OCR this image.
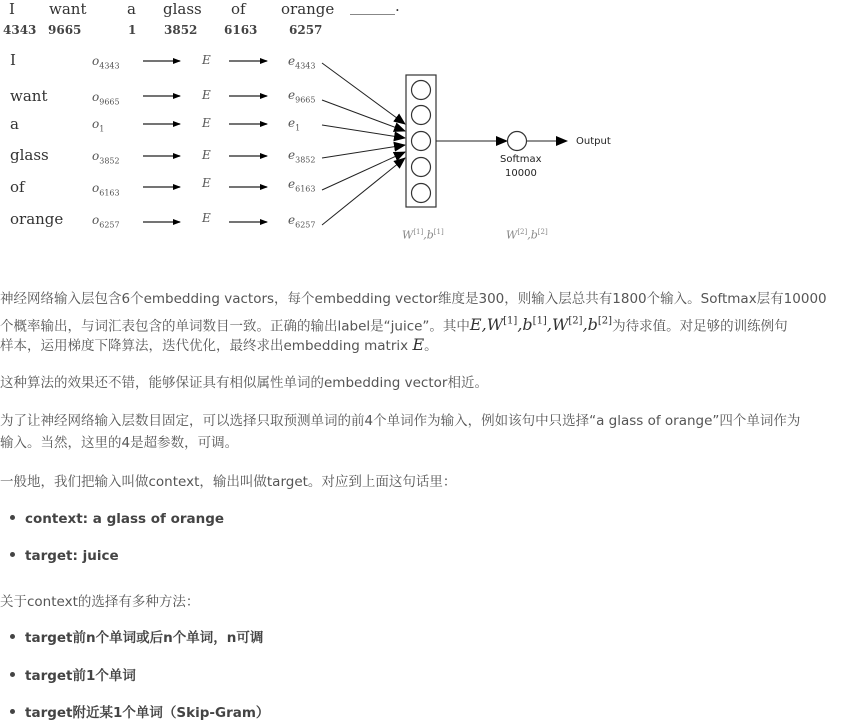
I want	a glass of orange ______.
4343 9665	1 3852 6163	6257
I
want
a
glass
of
orange
$o_{4343}$
$o_{9665}$
$o_1$
$o_{3852}$
$o_{6163}$
$o_{6257}$
E
E
E
E
E
E
$e_{4343}$
$e_{9665}$
$e_1$
$e_{3852}$
$e_{6163}$
$e_{6257}$
Softmax
10000
Output
W[1],b[1]	W[2],b[2]

神经网络输入层包含6个embedding vactors，每个embedding vector维度是300，则输入层总共有1800个输入。Softmax层有10000

个概率输出，与词汇表包含的单词数目一致。正确的输出label是“juice”。其中E,W[1],b[1],W[2],b[2]为待求值。对足够的训练例句

样本，运用梯度下降算法，迭代优化，最终求出embedding matrix E。

这种算法的效果还不错，能够保证具有相似属性单词的embedding vector相近。

为了让神经网络输入层数目固定，可以选择只取预测单词的前4个单词作为输入，例如该句中只选择“a glass of orange”四个单词作为

输入。当然，这里的4是超参数，可调。

一般地，我们把输入叫做context，输出叫做target。对应到上面这句话里：

context: a glass of orange
target: juice

关于context的选择有多种方法：

target前n个单词或后n个单词，n可调
target前1个单词
target附近某1个单词（Skip-Gram）
